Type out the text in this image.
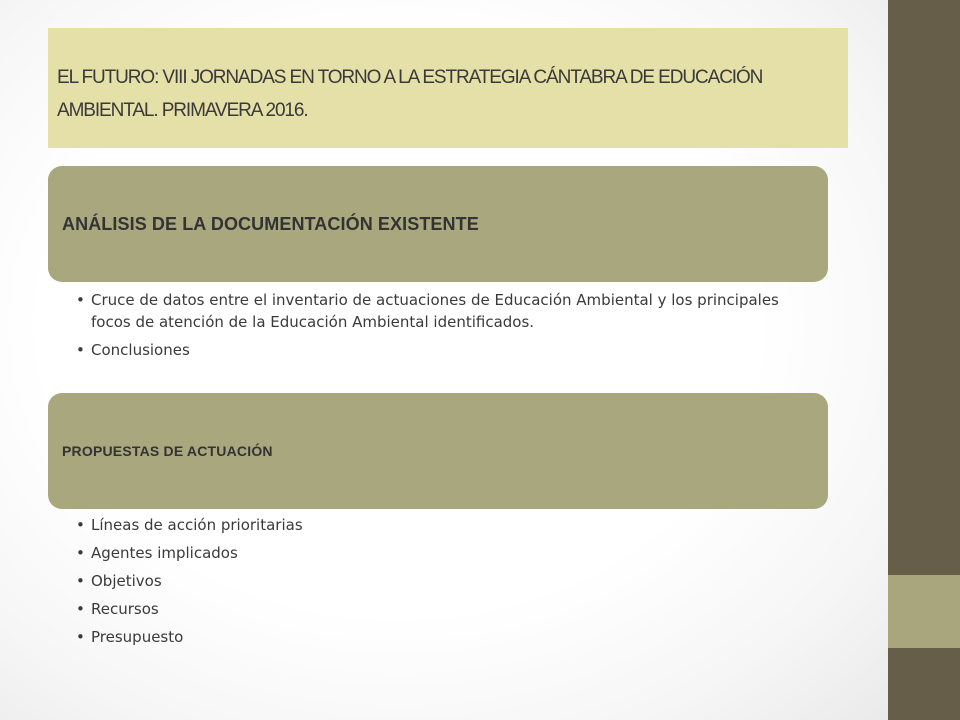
EL FUTURO: VIII JORNADAS EN TORNO A LA ESTRATEGIA CÁNTABRA DE EDUCACIÓN AMBIENTAL. PRIMAVERA 2016.

ANÁLISIS DE LA DOCUMENTACIÓN EXISTENTE
• Cruce de datos entre el inventario de actuaciones de Educación Ambiental y los principales focos de atención de la Educación Ambiental identificados.
• Conclusiones
PROPUESTAS DE ACTUACIÓN
• Líneas de acción prioritarias
• Agentes implicados
• Objetivos
• Recursos
• Presupuesto
